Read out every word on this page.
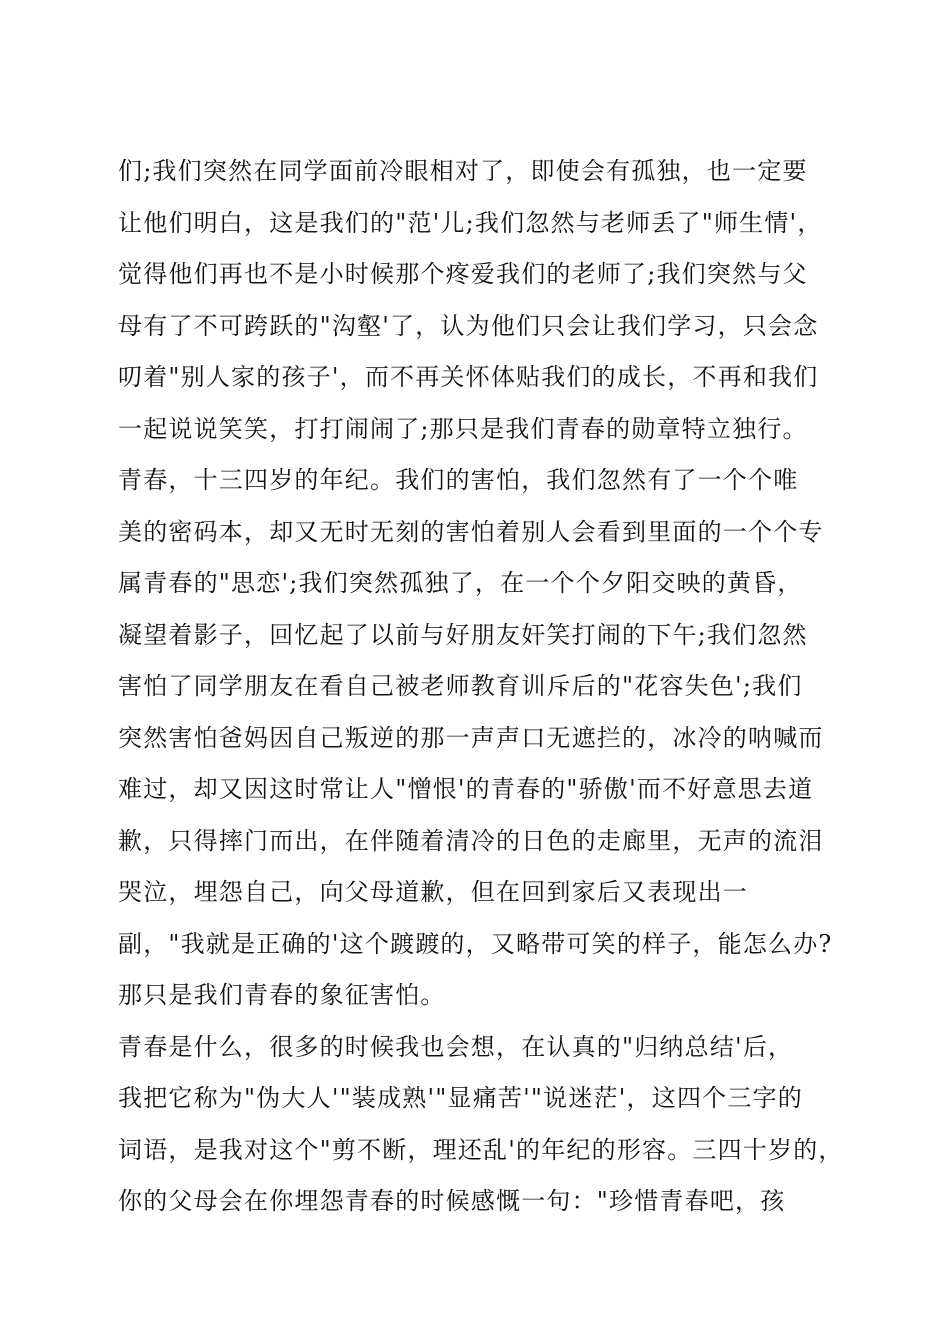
们;我们突然在同学面前冷眼相对了，即使会有孤独，也一定要
让他们明白，这是我们的"范'儿;我们忽然与老师丢了"师生情'，
觉得他们再也不是小时候那个疼爱我们的老师了;我们突然与父
母有了不可跨跃的"沟壑'了，认为他们只会让我们学习，只会念
叨着"别人家的孩子'，而不再关怀体贴我们的成长，不再和我们
一起说说笑笑，打打闹闹了;那只是我们青春的勋章特立独行。
青春，十三四岁的年纪。我们的害怕，我们忽然有了一个个唯
美的密码本，却又无时无刻的害怕着别人会看到里面的一个个专
属青春的"思恋';我们突然孤独了，在一个个夕阳交映的黄昏，
凝望着影子，回忆起了以前与好朋友奸笑打闹的下午;我们忽然
害怕了同学朋友在看自己被老师教育训斥后的"花容失色';我们
突然害怕爸妈因自己叛逆的那一声声口无遮拦的，冰冷的呐喊而
难过，却又因这时常让人"憎恨'的青春的"骄傲'而不好意思去道
歉，只得摔门而出，在伴随着清冷的日色的走廊里，无声的流泪
哭泣，埋怨自己，向父母道歉，但在回到家后又表现出一
副，"我就是正确的'这个踱踱的，又略带可笑的样子，能怎么办?
那只是我们青春的象征害怕。
青春是什么，很多的时候我也会想，在认真的"归纳总结'后，
我把它称为"伪大人'"装成熟'"显痛苦'"说迷茫'，这四个三字的
词语，是我对这个"剪不断，理还乱'的年纪的形容。三四十岁的，
你的父母会在你埋怨青春的时候感慨一句："珍惜青春吧，孩
